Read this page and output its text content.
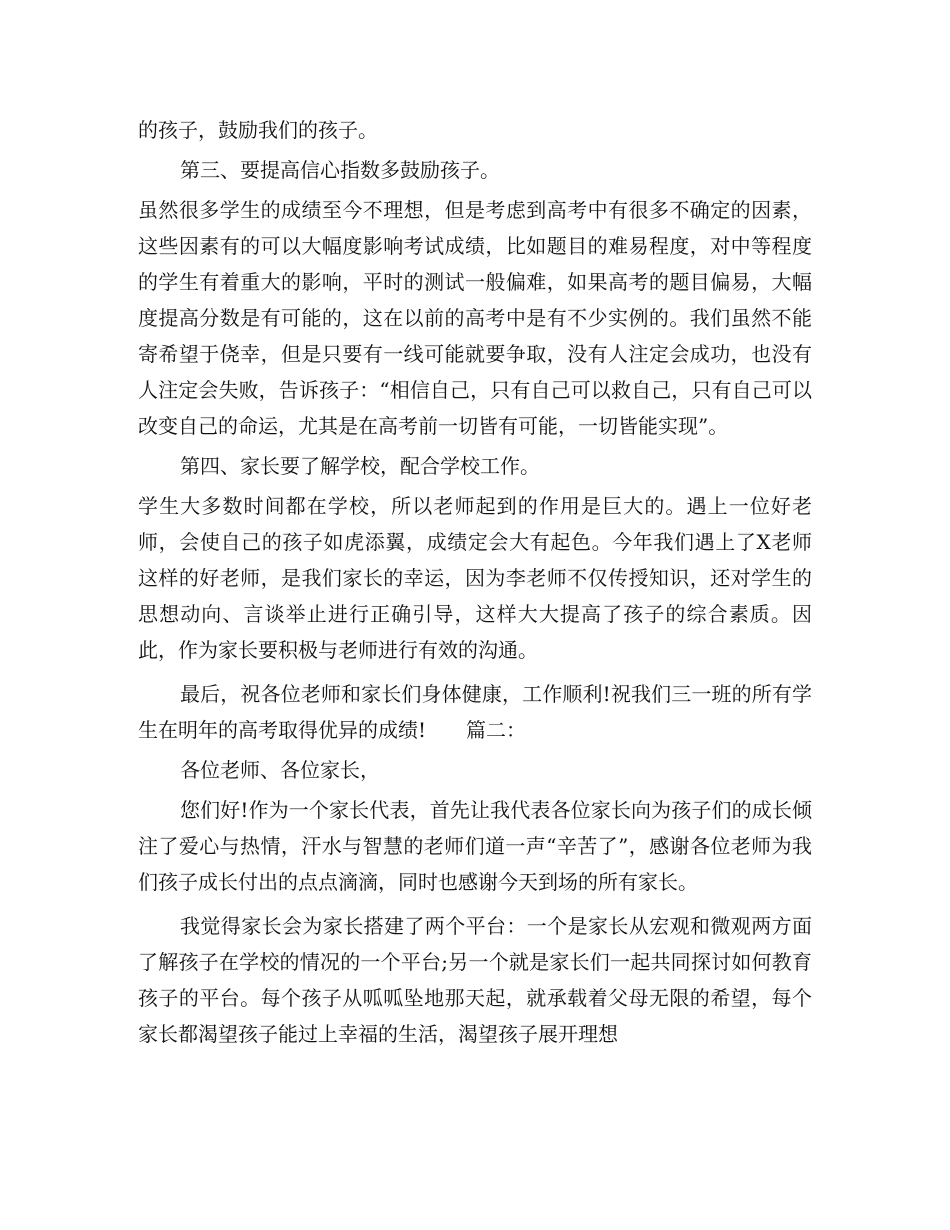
的孩子，鼓励我们的孩子。

第三、要提高信心指数多鼓励孩子。

虽然很多学生的成绩至今不理想，但是考虑到高考中有很多不确定的因素，这些因素有的可以大幅度影响考试成绩，比如题目的难易程度，对中等程度的学生有着重大的影响，平时的测试一般偏难，如果高考的题目偏易，大幅度提高分数是有可能的，这在以前的高考中是有不少实例的。我们虽然不能寄希望于侥幸，但是只要有一线可能就要争取，没有人注定会成功，也没有人注定会失败，告诉孩子：“相信自己，只有自己可以救自己，只有自己可以改变自己的命运，尤其是在高考前一切皆有可能，一切皆能实现”。

第四、家长要了解学校，配合学校工作。

学生大多数时间都在学校，所以老师起到的作用是巨大的。遇上一位好老师，会使自己的孩子如虎添翼，成绩定会大有起色。今年我们遇上了X老师这样的好老师，是我们家长的幸运，因为李老师不仅传授知识，还对学生的思想动向、言谈举止进行正确引导，这样大大提高了孩子的综合素质。因此，作为家长要积极与老师进行有效的沟通。

最后，祝各位老师和家长们身体健康，工作顺利!祝我们三一班的所有学生在明年的高考取得优异的成绩! 篇二：

各位老师、各位家长，

您们好!作为一个家长代表，首先让我代表各位家长向为孩子们的成长倾注了爱心与热情，汗水与智慧的老师们道一声“辛苦了”，感谢各位老师为我们孩子成长付出的点点滴滴，同时也感谢今天到场的所有家长。

我觉得家长会为家长搭建了两个平台：一个是家长从宏观和微观两方面了解孩子在学校的情况的一个平台;另一个就是家长们一起共同探讨如何教育孩子的平台。每个孩子从呱呱坠地那天起，就承载着父母无限的希望，每个家长都渴望孩子能过上幸福的生活，渴望孩子展开理想
